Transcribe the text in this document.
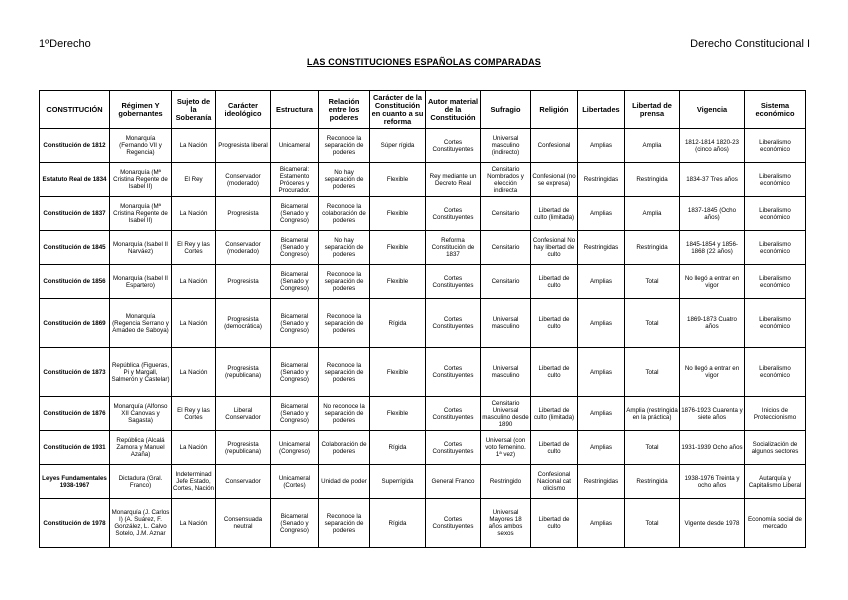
1ºDerecho	Derecho Constitucional I
LAS CONSTITUCIONES ESPAÑOLAS COMPARADAS
CONSTITUCIÓN	Régimen Y gobernantes	Sujeto de la Soberanía	Carácter ideológico	Estructura	Relación entre los poderes	Carácter de la Constitución en cuanto a su reforma	Autor material de la Constitución	Sufragio	Religión	Libertades	Libertad de prensa	Vigencia	Sistema económico
Constitución de 1812	Monarquía (Fernando VII y Regencia)	La Nación	Progresista liberal	Unicameral	Reconoce la separación de poderes	Súper rígida	Cortes Constituyentes	Universal masculino (indirecto)	Confesional	Amplias	Amplia	1812-1814 1820-23 (cinco años)	Liberalismo económico
Estatuto Real de 1834	Monarquía (Mª Cristina Regente de Isabel II)	El Rey	Conservador (moderado)	Bicameral: Estamento Próceres y Procurador.	No hay separación de poderes	Flexible	Rey mediante un Decreto Real	Censitario Nombrados y elección indirecta	Confesional (no se expresa)	Restringidas	Restringida	1834-37 Tres años	Liberalismo económico
Constitución de 1837	Monarquía (Mª Cristina Regente de Isabel II)	La Nación	Progresista	Bicameral (Senado y Congreso)	Reconoce la colaboración de poderes	Flexible	Cortes Constituyentes	Censitario	Libertad de culto (limitada)	Amplias	Amplia	1837-1845 (Ocho años)	Liberalismo económico
Constitución de 1845	Monarquía (Isabel II Narváez)	El Rey y las Cortes	Conservador (moderado)	Bicameral (Senado y Congreso)	No hay separación de poderes	Flexible	Reforma Constitución de 1837	Censitario	Confesional No hay libertad de culto	Restringidas	Restringida	1845-1854 y 1856-1868 (22 años)	Liberalismo económico
Constitución de 1856	Monarquía (Isabel II Espartero)	La Nación	Progresista	Bicameral (Senado y Congreso)	Reconoce la separación de poderes	Flexible	Cortes Constituyentes	Censitario	Libertad de culto	Amplias	Total	No llegó a entrar en vigor	Liberalismo económico
Constitución de 1869	Monarquía (Regencia Serrano y Amadeo de Saboya)	La Nación	Progresista (democrática)	Bicameral (Senado y Congreso)	Reconoce la separación de poderes	Rígida	Cortes Constituyentes	Universal masculino	Libertad de culto	Amplias	Total	1869-1873 Cuatro años	Liberalismo económico
Constitución de 1873	República (Figueras, Pi y Margall, Salmerón y Castelar)	La Nación	Progresista (republicana)	Bicameral (Senado y Congreso)	Reconoce la separación de poderes	Flexible	Cortes Constituyentes	Universal masculino	Libertad de culto	Amplias	Total	No llegó a entrar en vigor	Liberalismo económico
Constitución de 1876	Monarquía (Alfonso XII Canovas y Sagasta)	El Rey y las Cortes	Liberal Conservador	Bicameral (Senado y Congreso)	No reconoce la separación de poderes	Flexible	Cortes Constituyentes	Censitario Universal masculino desde 1890	Libertad de culto (limitada)	Amplias	Amplia (restringida en la práctica)	1876-1923 Cuarenta y siete años	Inicios de Proteccionismo
Constitución de 1931	República (Alcalá Zamora y Manuel Azaña)	La Nación	Progresista (republicana)	Unicameral (Congreso)	Colaboración de poderes	Rígida	Cortes Constituyentes	Universal (con voto femenino. 1ª vez)	Libertad de culto	Amplias	Total	1931-1939 Ocho años	Socialización de algunos sectores
Leyes Fundamentales 1938-1967	Dictadura (Gral. Franco)	Indeterminad Jefe Estado, Cortes, Nación	Conservador	Unicameral (Cortes)	Unidad de poder	Superrígida	General Franco	Restringido	Confesional Nacional cat olicismo	Restringidas	Restringida	1938-1976 Treinta y ocho años	Autarquía y Capitalismo Liberal
Constitución de 1978	Monarquía (J. Carlos I) (A. Suárez, F. González, L. Calvo Sotelo, J.M. Aznar	La Nación	Consensuada neutral	Bicameral (Senado y Congreso)	Reconoce la separación de poderes	Rígida	Cortes Constituyentes	Universal Mayores 18 años ambos sexos	Libertad de culto	Amplias	Total	Vigente desde 1978	Economía social de mercado
